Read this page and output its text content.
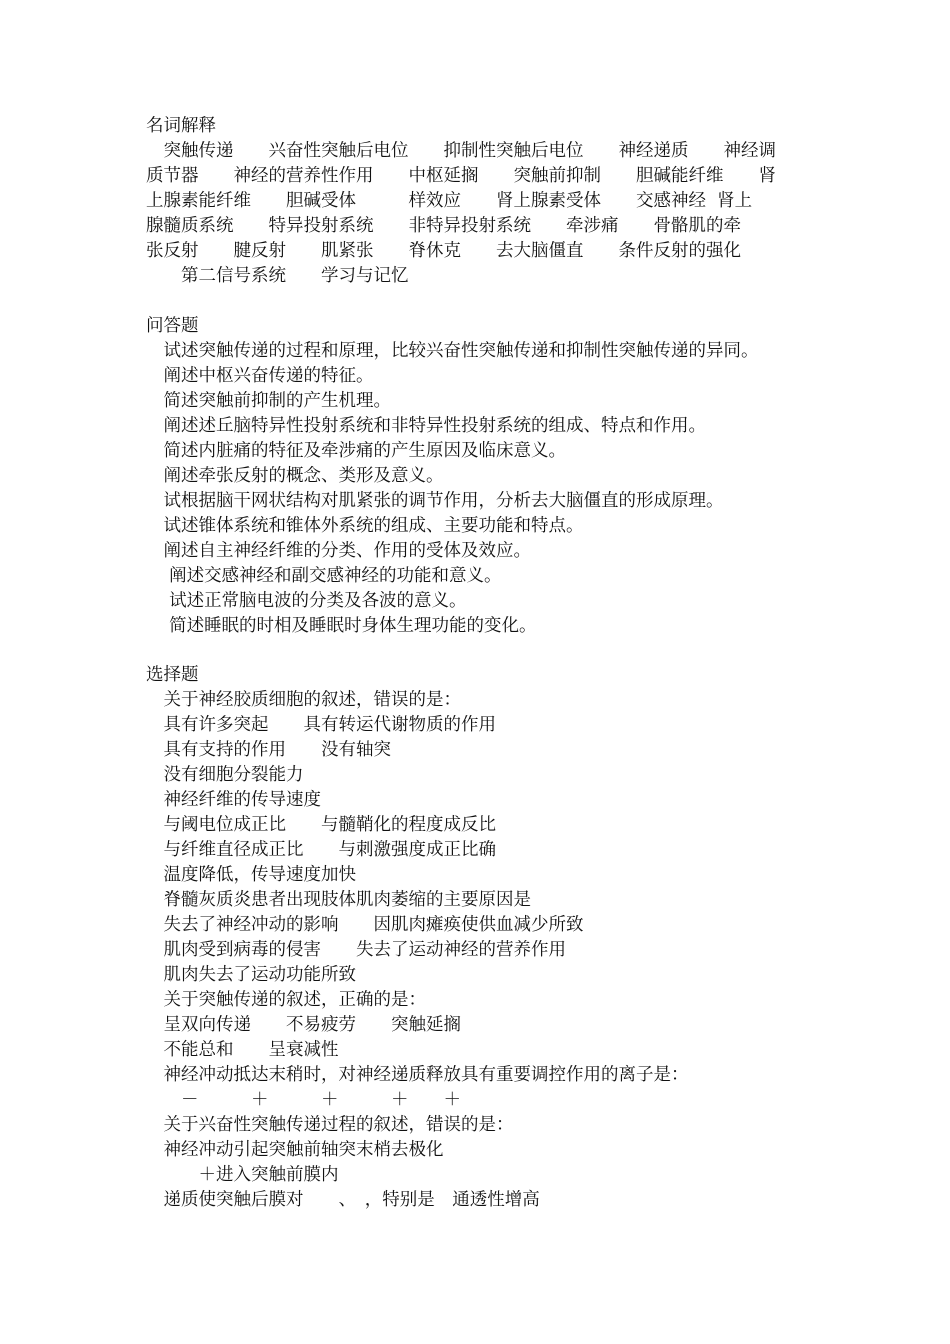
名词解释

　突触传递　　兴奋性突触后电位　　抑制性突触后电位　　神经递质　　神经调

质节器　　神经的营养性作用　　中枢延搁　　突触前抑制　　胆碱能纤维　　肾

上腺素能纤维　　胆碱受体　　　样效应　　肾上腺素受体　　交感神经  肾上

腺髓质系统　　特异投射系统　　非特异投射系统　　牵涉痛　　骨骼肌的牵

张反射　　腱反射　　肌紧张　　脊休克　　去大脑僵直　　条件反射的强化

　　第二信号系统　　学习与记忆

问答题

　试述突触传递的过程和原理，比较兴奋性突触传递和抑制性突触传递的异同。

　阐述中枢兴奋传递的特征。

　简述突触前抑制的产生机理。

　阐述述丘脑特异性投射系统和非特异性投射系统的组成、特点和作用。

　简述内脏痛的特征及牵涉痛的产生原因及临床意义。

　阐述牵张反射的概念、类形及意义。

　试根据脑干网状结构对肌紧张的调节作用，分析去大脑僵直的形成原理。

　试述锥体系统和锥体外系统的组成、主要功能和特点。

　阐述自主神经纤维的分类、作用的受体及效应。

　 阐述交感神经和副交感神经的功能和意义。

　 试述正常脑电波的分类及各波的意义。

　 简述睡眠的时相及睡眠时身体生理功能的变化。

选择题

　关于神经胶质细胞的叙述，错误的是：

　具有许多突起　　具有转运代谢物质的作用

　具有支持的作用　　没有轴突

　没有细胞分裂能力

　神经纤维的传导速度

　与阈电位成正比　　与髓鞘化的程度成反比

　与纤维直径成正比　　与刺激强度成正比确

　温度降低，传导速度加快

　脊髓灰质炎患者出现肢体肌肉萎缩的主要原因是

　失去了神经冲动的影响　　因肌肉瘫痪使供血减少所致

　肌肉受到病毒的侵害　　失去了运动神经的营养作用

　肌肉失去了运动功能所致

　关于突触传递的叙述，正确的是：

　呈双向传递　　不易疲劳　　突触延搁

　不能总和　　呈衰减性

　神经冲动抵达末稍时，对神经递质释放具有重要调控作用的离子是：

　　－　　　＋　　　＋　　　＋　　＋

　关于兴奋性突触传递过程的叙述，错误的是：

　神经冲动引起突触前轴突末梢去极化

　　　＋进入突触前膜内

　递质使突触后膜对　　、　，特别是　通透性增高
